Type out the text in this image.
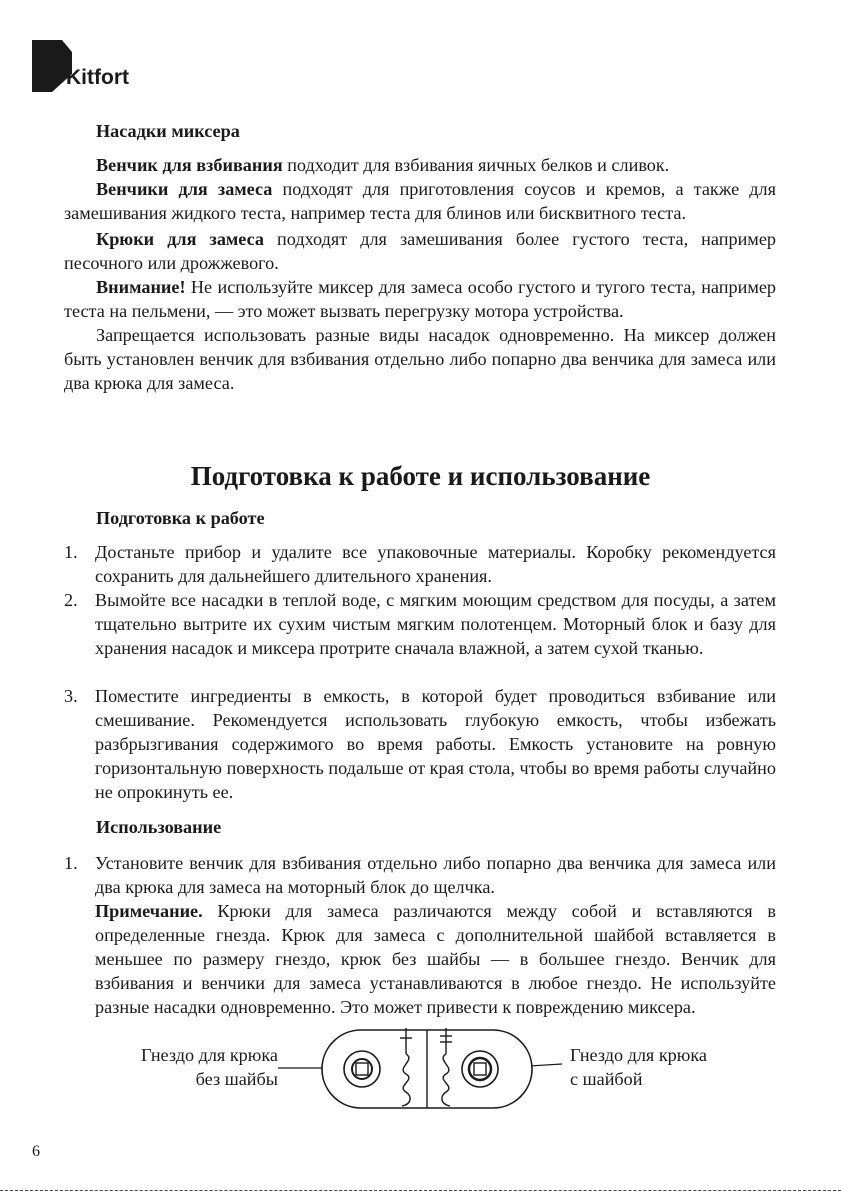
Kitfort

Насадки миксера

Венчик для взбивания подходит для взбивания яичных белков и сливок.

Венчики для замеса подходят для приготовления соусов и кремов, а также для замешивания жидкого теста, например теста для блинов или бисквитного теста.

Крюки для замеса подходят для замешивания более густого теста, например песочного или дрожжевого.

Внимание! Не используйте миксер для замеса особо густого и тугого теста, например теста на пельмени, — это может вызвать перегрузку мотора устройства.

Запрещается использовать разные виды насадок одновременно. На миксер должен быть установлен венчик для взбивания отдельно либо попарно два венчика для замеса или два крюка для замеса.

Подготовка к работе и использование

Подготовка к работе

1. Достаньте прибор и удалите все упаковочные материалы. Коробку рекомендуется сохранить для дальнейшего длительного хранения.
2. Вымойте все насадки в теплой воде, с мягким моющим средством для посуды, а затем тщательно вытрите их сухим чистым мягким полотенцем. Моторный блок и базу для хранения насадок и миксера протрите сначала влажной, а затем сухой тканью.
3. Поместите ингредиенты в емкость, в которой будет проводиться взбивание или смешивание. Рекомендуется использовать глубокую емкость, чтобы избежать разбрызгивания содержимого во время работы. Емкость установите на ровную горизонтальную поверхность подальше от края стола, чтобы во время работы случайно не опрокинуть ее.

Использование

1. Установите венчик для взбивания отдельно либо попарно два венчика для замеса или два крюка для замеса на моторный блок до щелчка.
Примечание. Крюки для замеса различаются между собой и вставляются в определенные гнезда. Крюк для замеса с дополнительной шайбой вставляется в меньшее по размеру гнездо, крюк без шайбы — в большее гнездо. Венчик для взбивания и венчики для замеса устанавливаются в любое гнездо. Не используйте разные насадки одновременно. Это может привести к повреждению миксера.
Гнездо для крюка
без шайбы
Гнездо для крюка
с шайбой
6
